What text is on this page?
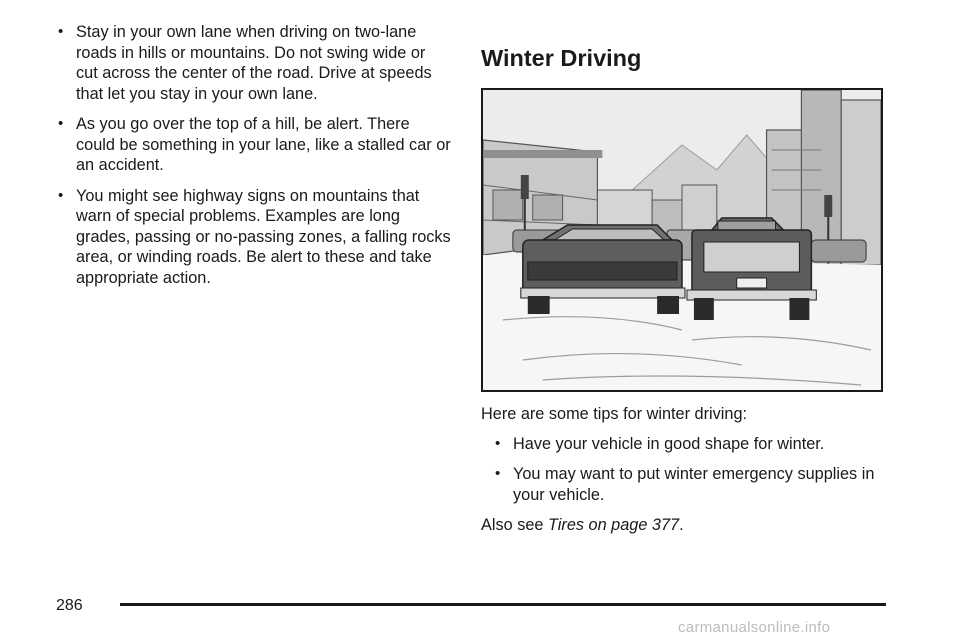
• Stay in your own lane when driving on two-lane roads in hills or mountains. Do not swing wide or cut across the center of the road. Drive at speeds that let you stay in your own lane.
• As you go over the top of a hill, be alert. There could be something in your lane, like a stalled car or an accident.
• You might see highway signs on mountains that warn of special problems. Examples are long grades, passing or no-passing zones, a falling rocks area, or winding roads. Be alert to these and take appropriate action.
Winter Driving

Here are some tips for winter driving:

• Have your vehicle in good shape for winter.
• You may want to put winter emergency supplies in your vehicle.

Also see Tires on page 377.

286
carmanualsonline.info
